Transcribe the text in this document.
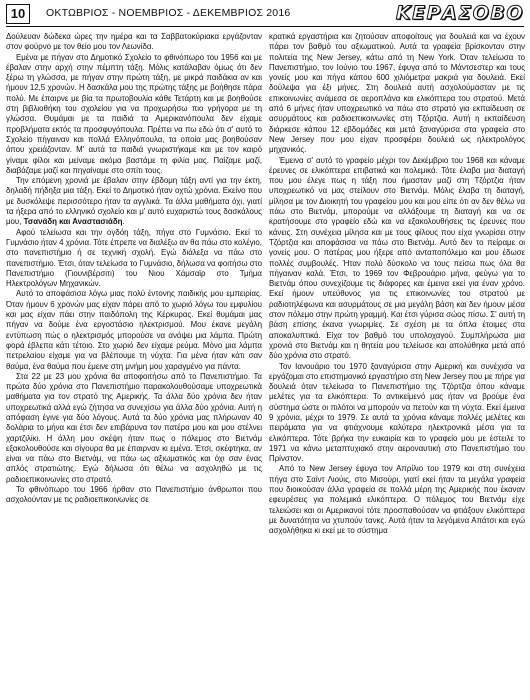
10	ΟΚΤΩΒΡΙΟΣ - ΝΟΕΜΒΡΙΟΣ - ΔΕΚΕΜΒΡΙΟΣ 2016	ΚΕΡΑΣΟΒΟ

Δούλευαν δώδεκα ώρες την ημέρα και τα Σαββατοκύριακα εργάζονταν στον φούρνο με τον θείο μου τον Λεωνίδα.

Εμένα με πήγαν στο Δημοτικό Σχολείο το φθινόπωρο του 1956 και με έβαλαν στην αρχή στην πέμπτη τάξη. Μόλις κατάλαβαν όμως ότι δεν ξέρω τη γλώσσα, με πήγαν στην πρώτη τάξη, με μικρά παιδάκια αν και ήμουν 12,5 χρονών. Η δασκάλα μου της πρώτης τάξης με βοήθησε πάρα πολύ. Με έπαιρνε με βία τα πρωτοβουλία κάθε Τετάρτη και με βοηθούσε στη βιβλιοθήκη του σχολείου για να προχωρήσω πιο γρήγορα με τη γλώσσα. Θυμάμαι με τα παιδιά τα Αμερικανόπουλα δεν είχαμε προβλήματα εκτός τα προσφυγόπουλα. Πρέπει να πω εδώ ότι σ' αυτό το Σχολείο πήγαιναν και πολλά Ελληνόπουλα, τα οποία μας βοηθούσαν όπου χρειάζονταν. Μ' αυτά τα παιδιά γνωριστήκαμε και με τον καιρό γίναμε φίλοι και μείναμε ακόμα βαστάμε τη φιλία μας. Παίζαμε μαζί, διαβάζαμε μαζί και πηγαίναμε στο σπίτι τους.

Την επόμενη χρονιά με έβαλαν στην έβδομη τάξη αντί για την έκτη, δηλαδή πήδηξα μια τάξη. Εκεί το Δημοτικό ήταν οχτώ χρόνια. Εκείνο που με δυσκόλεψε περισσότερο ήταν τα αγγλικά. Τα άλλα μαθήματα όχι, γιατί τα ήξερα από το ελληνικό σχολείο και μ' αυτό ευχαριστώ τους δασκάλους μου, Τσανάδη και Αναστασιάδη.

Αφού τελείωσα και την ογδόη τάξη, πήγα στο Γυμνάσιο. Εκεί το Γυμνάσιο ήταν 4 χρόνια. Τότε έπρεπε να διαλέξω αν θα πάω στο κολέγιο, στο πανεπιστήμιο ή σε τεχνική σχολή. Εγώ διάλεξα να πάω στο πανεπιστήμιο. Έτσι, όταν τελείωσα το Γυμνάσιο, δήλωσα να φοιτήσω στο Πανεπιστήμιο (Γιουνιβέρσιτι) του Νιου Χάμσαϊρ στο Τμήμα Ηλεκτρολόγων Μηχανικών.

Αυτό το αποφάσισα λόγω μιας πολύ έντονης παιδικής μου εμπειρίας. Όταν ήμουν 6 χρονών μας είχαν πάρει από το χωριό λόγω του εμφυλίου και μας είχαν πάει στην παιδόπολη της Κέρκυρας. Εκεί θυμάμαι μας πήγαν να δούμε ένα εργοστάσιο ηλεκτρισμού. Μου έκανε μεγάλη εντύπωση πώς ο ηλεκτρισμός μπορούσε να ανάψει μια λάμπα. Πρώτη φορά έβλεπα κάτι τέτοιο. Στο χωριό δεν είχαμε ρεύμα. Μόνο μια λάμπα πετρελαίου είχαμε για να βλέπουμε τη νύχτα. Για μένα ήταν κάτι σαν θαύμα, ένα θαύμα που έμεινε στη μνήμη μου χαραγμένο για πάντα.

Στα 22 με 23 μου χρόνια θα αποφοιτήσω από το Πανεπιστήμιο. Τα πρώτα δύο χρόνια στο Πανεπιστήμιο παρακολουθούσαμε υποχρεωτικά μαθήματα για τον στρατό της Αμερικής. Τα άλλα δύο χρόνια δεν ήταν υποχρεωτικά αλλά εγώ ζήτησα να συνεχίσω για άλλα δύο χρόνια. Αυτή η απόφαση έγινε για δύο λόγους. Αυτά τα δύο χρόνια μας πλήρωναν 40 δολάρια το μήνα και έτσι δεν επιβάρυνα τον πατέρα μου και μου στέλνει χαρτζιλίκι. Η άλλη μου σκέψη ήταν πως ο πόλεμος στο Βιετνάμ εξακολουθούσε και σίγουρα θα με έπαιρναν κι εμένα. Έτσι, σκέφτηκα, αν είναι να πάω στο Βιετνάμ, να πάω ως αξιωματικός και όχι σαν ένας απλός στρατιώτης. Εγώ δήλωσα ότι θέλω να ασχοληθώ με τις ραδιοεπικοινωνίες στο στρατό.

Το φθινόπωρο του 1966 ήρθαν στο Πανεπιστήμιο άνθρωποι που ασχολούνταν με τις ραδιοεπικοινωνίες σε

κρατικά εργαστήρια και ζητούσαν αποφοίτους για δουλειά και να έχουν πάρει τον βαθμό του αξιωματικού. Αυτά τα γραφεία βρίσκονταν στην πολιτεία της New Jersey, κάτω από τη New York. Όταν τελείωσα το Πανεπιστήμιο, τον Ιούνιο του 1967, έφυγα από το Μάντσεστερ και τους γονείς μου και πήγα κάπου 600 χιλιόμετρα μακριά για δουλειά. Εκεί δούλεψα για έξι μήνες. Στη δουλειά αυτή ασχολούμασταν με τις επικοινωνίες ανάμεσα σε αεροπλάνα και ελικόπτερα του στρατού. Μετά από 6 μήνες ήταν υποχρεωτικό να πάω στο στρατό για εκπαίδευση σε ασυρμάτους και ραδιοεπικοινωνίες στη Τζόρτζια. Αυτή η εκπαίδευση διάρκεσε κάπου 12 εβδομάδες και μετά ξαναγύρισα στα γραφεία στο New Jersey που μου είχαν προσφέρει δουλειά ως ηλεκτρολόγος μηχανικός.

Έμεινα σ' αυτό το γραφείο μέχρι τον Δεκέμβριο του 1968 και κάναμε έρευνες σε ελικόπτερα επιβατικά και πολεμικά. Τότε έλαβα μια διαταγή που μου έλεγε πως η τάξη που ήμασταν μαζί στη Τζόρτζια ήταν υποχρεωτικό να μας στείλουν στο Βιετνάμ. Μόλις έλαβα τη διαταγή, μίλησα με τον Διοικητή του γραφείου μου και μου είπε ότι αν δεν θέλω να πάω στο Βιετνάμ, μπορούμε να αλλάξουμε τη διαταγή και να σε κρατήσουμε στο γραφείο εδώ και να εξακολουθήσεις τις έρευνες που κάνεις. Στη συνέχεια μίλησα και με τους φίλους που είχα γνωρίσει στην Τζόρτζια και αποφάσισα να πάω στο Βιετνάμ. Αυτό δεν το πείραμε οι γονείς μου. Ο πατέρας μου ήξερε από ανταποπόλεμο και μου έδωσε πολλές συμβουλές. Ήταν πολύ δύσκολο να τους πείσω πως όλα θα πήγαιναν καλά. Έτσι, το 1969 τον Φεβρουάριο μήνα, φεύγω για το Βιετνάμ όπου συνεχίζουμε τις διάφορες και έμεινα εκεί για έναν χρόνο. Εκεί ήμουν υπεύθυνος για τις επικοινωνίες του στρατού με ραδιοτηλέφωνα και ασυρμάτους σε μια μεγάλη βάση και δεν ήμουν μέσα στον πόλεμο στην πρώτη γραμμή. Και έτσι γύρισα σώος πίσω. Σ' αυτή τη βάση επίσης έκανα γνωριμίες. Σε σχέση με τα όπλα έτοιμες στα αποκαλυπτικά. Είχα τον βαθμό του υπολοχαγού. Συμπλήρωσα μια χρονιά στο Βιετνάμ και η θητεία μου τελείωσε και απολύθηκα μετά από δύο χρόνια στο στρατό.

Τον Ιανουάριο του 1970 ξαναγύρισα στην Αμερική και συνέχισα να εργάζομαι στο επιστημονικό εργαστήριο στη New Jersey που με πήρε για δουλειά όταν τελείωσα το Πανεπιστήμιο της Τζόρτζια όπου κάναμε μελέτες για τα ελικόπτερα. Το αντικείμενό μας ήταν να βρούμε ένα σύστημα ώστε οι πιλότοι να μπορούν να πετούν και τη νύχτα. Εκεί έμεινα 9 χρόνια, μέχρι το 1979. Σε αυτά τα χρόνια κάναμε πολλές μελέτες και πειράματα για να φτιάχνουμε καλύτερα ηλεκτρονικά μέσα για τα ελικόπτερα. Τότε βρήκα την ευκαιρία και το γραφείο μου με έστειλε το 1971 να κάνω μεταπτυχιακό στην αεροναυτική στο Πανεπιστήμιο του Πρίνστον.

Από το New Jersey έφυγα τον Απρίλιο του 1979 και στη συνέχεια πήγα στο Σαίντ Λιούις, στο Μισούρι, γιατί εκεί ήταν τα μεγάλα γραφεία που διοικούσαν άλλα γραφεία σε πολλά μέρη της Αμερικής που έκαναν εφευρέσεις για πολεμικά ελικόπτερα. Ο πόλεμος του Βιετνάμ είχε τελειώσει και οι Αμερικανοί τότε προσπαθούσαν να φτιάξουν ελικόπτερα με δυνατότητα να χτυπούν τανκς. Αυτά ήταν τα λεγόμενα Απάτσι και εγώ ασχολήθηκα κι εκεί με το σύστημα
